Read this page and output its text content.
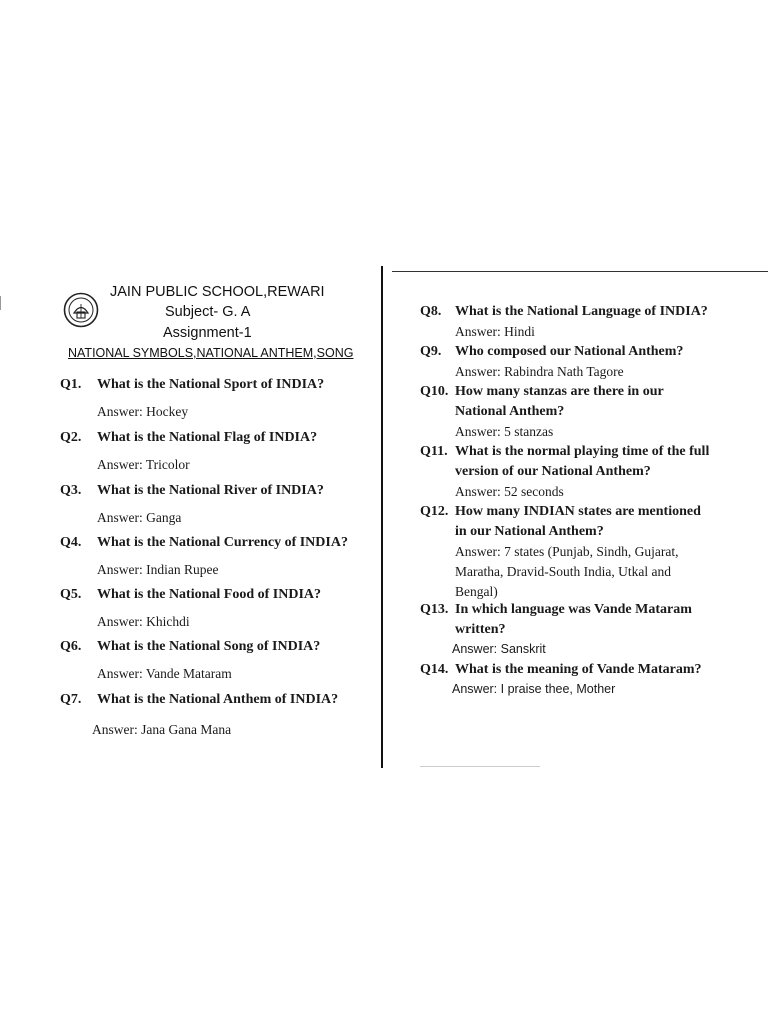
JAIN PUBLIC SCHOOL,REWARI
Subject- G. A
Assignment-1
NATIONAL SYMBOLS,NATIONAL ANTHEM,SONG
Q1. What is the National Sport of INDIA?
Answer: Hockey
Q2. What is the National Flag of INDIA?
Answer: Tricolor
Q3. What is the National River of INDIA?
Answer: Ganga
Q4. What is the National Currency of INDIA?
Answer: Indian Rupee
Q5. What is the National Food of INDIA?
Answer: Khichdi
Q6. What is the National Song of INDIA?
Answer: Vande Mataram
Q7. What is the National Anthem of INDIA?
Answer: Jana Gana Mana
Q8. What is the National Language of INDIA?
Answer: Hindi
Q9. Who composed our National Anthem?
Answer: Rabindra Nath Tagore
Q10. How many stanzas are there in our
National Anthem?
Answer: 5 stanzas
Q11. What is the normal playing time of the full
version of our National Anthem?
Answer: 52 seconds
Q12. How many INDIAN states are mentioned
in our National Anthem?
Answer: 7 states (Punjab, Sindh, Gujarat,
Maratha, Dravid-South India, Utkal and
Bengal)
Q13. In which language was Vande Mataram
written?
Answer: Sanskrit
Q14. What is the meaning of Vande Mataram?
Answer: I praise thee, Mother
